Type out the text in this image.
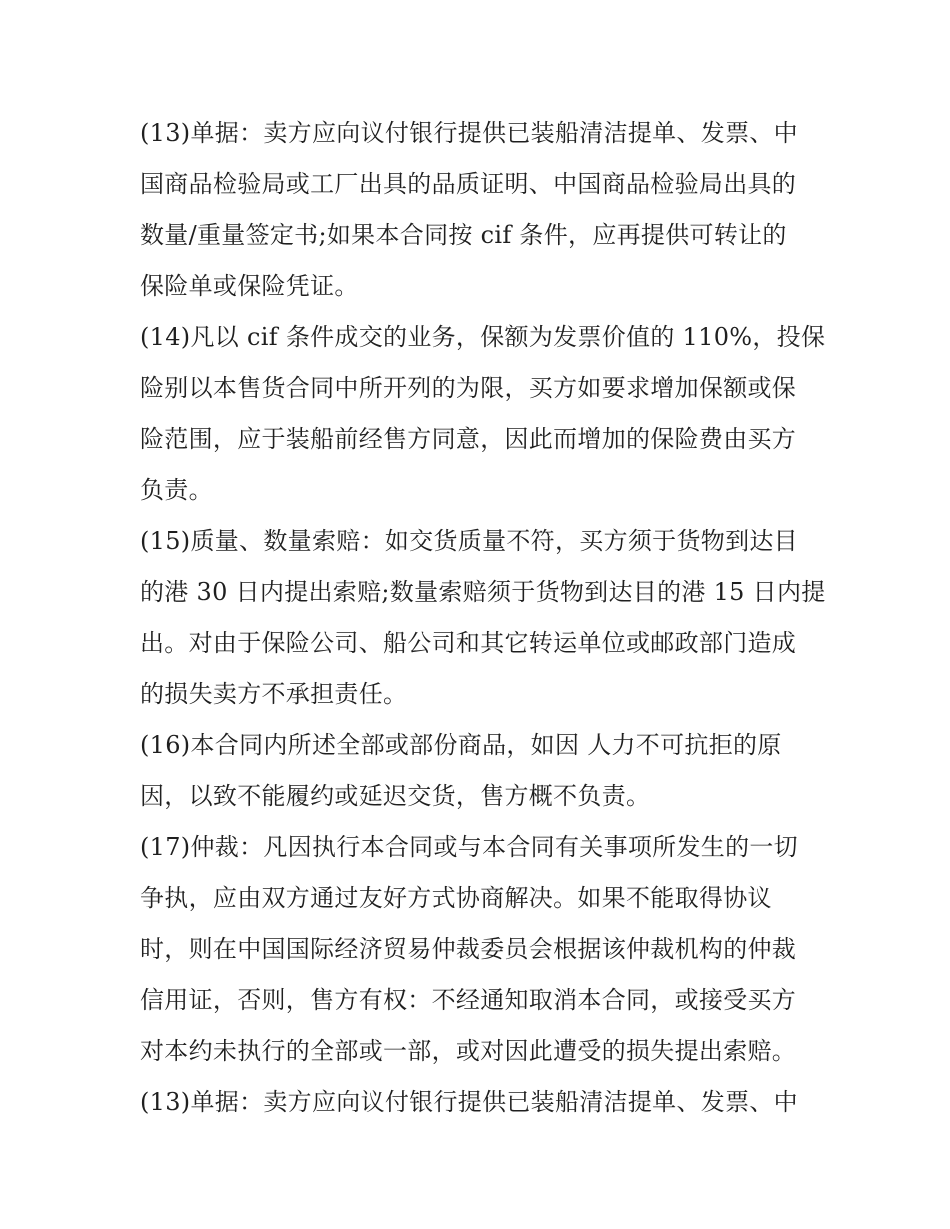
(13)单据：卖方应向议付银行提供已装船清洁提单、发票、中
国商品检验局或工厂出具的品质证明、中国商品检验局出具的
数量/重量签定书;如果本合同按 cif 条件，应再提供可转让的
保险单或保险凭证。
(14)凡以 cif 条件成交的业务，保额为发票价值的 110%，投保
险别以本售货合同中所开列的为限，买方如要求增加保额或保
险范围，应于装船前经售方同意，因此而增加的保险费由买方
负责。
(15)质量、数量索赔：如交货质量不符，买方须于货物到达目
的港 30 日内提出索赔;数量索赔须于货物到达目的港 15 日内提
出。对由于保险公司、船公司和其它转运单位或邮政部门造成
的损失卖方不承担责任。
(16)本合同内所述全部或部份商品，如因 人力不可抗拒的原
因，以致不能履约或延迟交货，售方概不负责。
(17)仲裁：凡因执行本合同或与本合同有关事项所发生的一切
争执，应由双方通过友好方式协商解决。如果不能取得协议
时，则在中国国际经济贸易仲裁委员会根据该仲裁机构的仲裁
信用证，否则，售方有权：不经通知取消本合同，或接受买方
对本约未执行的全部或一部，或对因此遭受的损失提出索赔。
(13)单据：卖方应向议付银行提供已装船清洁提单、发票、中
